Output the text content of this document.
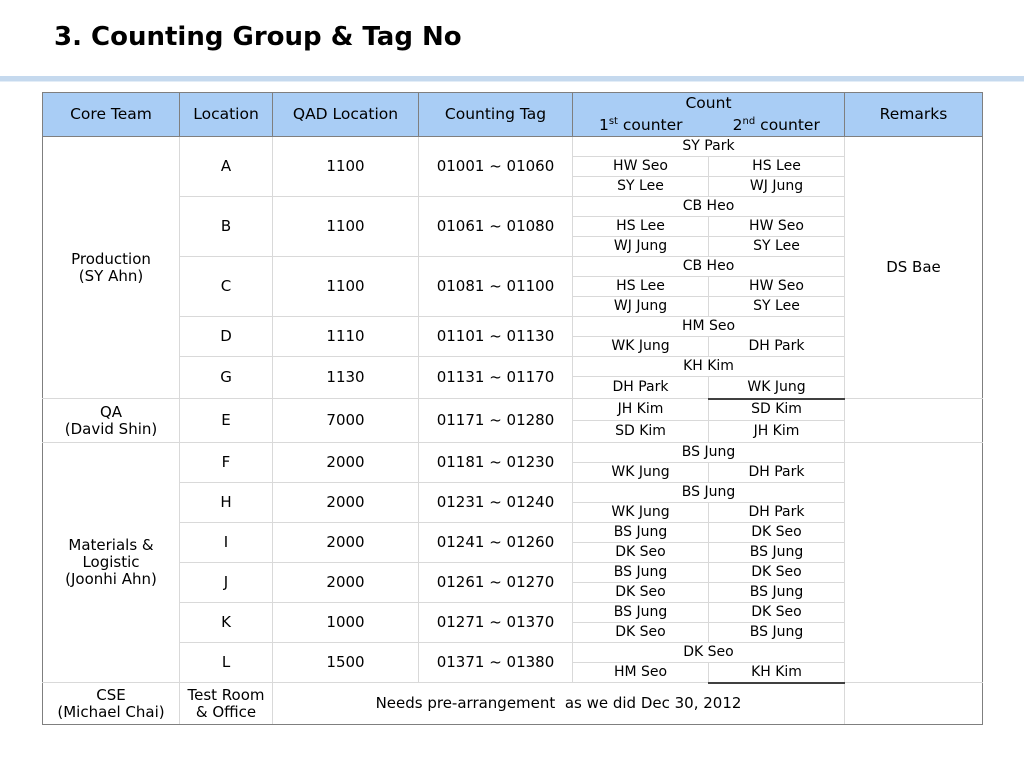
3. Counting Group & Tag No
Core Team	Location	QAD Location	Counting Tag	Count		Remarks
				1st counter	2nd counter	
Production
(SY Ahn)	A	1100	01001 ~ 01060	SY Park		DS Bae
				HW Seo	HS Lee	
				SY Lee	WJ Jung	
	B	1100	01061 ~ 01080	CB Heo		
				HS Lee	HW Seo	
				WJ Jung	SY Lee	
	C	1100	01081 ~ 01100	CB Heo		
				HS Lee	HW Seo	
				WJ Jung	SY Lee	
	D	1110	01101 ~ 01130	HM Seo		
				WK Jung	DH Park	
	G	1130	01131 ~ 01170	KH Kim		
				DH Park	WK Jung	
QA
(David Shin)	E	7000	01171 ~ 01280	JH Kim	SD Kim	
				SD Kim	JH Kim	
Materials &
Logistic
(Joonhi Ahn)	F	2000	01181 ~ 01230	BS Jung		
				WK Jung	DH Park	
	H	2000	01231 ~ 01240	BS Jung		
				WK Jung	DH Park	
	I	2000	01241 ~ 01260	BS Jung	DK Seo	
				DK Seo	BS Jung	
	J	2000	01261 ~ 01270	BS Jung	DK Seo	
				DK Seo	BS Jung	
	K	1000	01271 ~ 01370	BS Jung	DK Seo	
				DK Seo	BS Jung	
	L	1500	01371 ~ 01380	DK Seo		
				HM Seo	KH Kim	
CSE
(Michael Chai)	Test Room
& Office	Needs pre-arrangement  as we did Dec 30, 2012				
